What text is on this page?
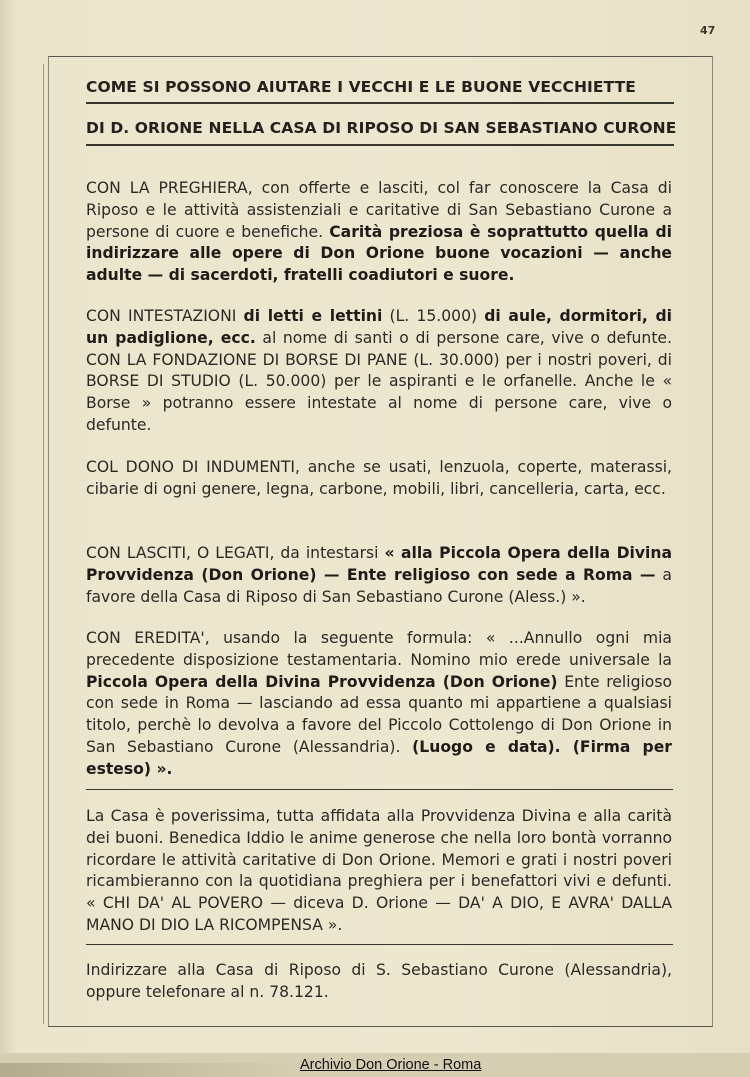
47
COME SI POSSONO AIUTARE I VECCHI E LE BUONE VECCHIETTE
DI D. ORIONE NELLA CASA DI RIPOSO DI SAN SEBASTIANO CURONE
CON LA PREGHIERA, con offerte e lasciti, col far conoscere la Casa di Riposo e le attività assistenziali e caritative di San Sebastiano Curone a persone di cuore e benefiche. Carità preziosa è soprattutto quella di indirizzare alle opere di Don Orione buone vocazioni — anche adulte — di sacerdoti, fratelli coadiutori e suore.
CON INTESTAZIONI di letti e lettini (L. 15.000) di aule, dormitori, di un padiglione, ecc. al nome di santi o di persone care, vive o defunte. CON LA FONDAZIONE DI BORSE DI PANE (L. 30.000) per i nostri poveri, di BORSE DI STUDIO (L. 50.000) per le aspiranti e le orfanelle. Anche le « Borse » potranno essere intestate al nome di persone care, vive o defunte.
COL DONO DI INDUMENTI, anche se usati, lenzuola, coperte, materassi, cibarie di ogni genere, legna, carbone, mobili, libri, cancelleria, carta, ecc.
CON LASCITI, O LEGATI, da intestarsi « alla Piccola Opera della Divina Provvidenza (Don Orione) — Ente religioso con sede a Roma — a favore della Casa di Riposo di San Sebastiano Curone (Aless.) ».
CON EREDITA', usando la seguente formula: « ...Annullo ogni mia precedente disposizione testamentaria. Nomino mio erede universale la Piccola Opera della Divina Provvidenza (Don Orione) Ente religioso con sede in Roma — lasciando ad essa quanto mi appartiene a qualsiasi titolo, perchè lo devolva a favore del Piccolo Cottolengo di Don Orione in San Sebastiano Curone (Alessandria). (Luogo e data). (Firma per esteso) ».
La Casa è poverissima, tutta affidata alla Provvidenza Divina e alla carità dei buoni. Benedica Iddio le anime generose che nella loro bontà vorranno ricordare le attività caritative di Don Orione. Memori e grati i nostri poveri ricambieranno con la quotidiana preghiera per i benefattori vivi e defunti. « CHI DA' AL POVERO — diceva D. Orione — DA' A DIO, E AVRA' DALLA MANO DI DIO LA RICOMPENSA ».
Indirizzare alla Casa di Riposo di S. Sebastiano Curone (Alessandria), oppure telefonare al n. 78.121.
Archivio Don Orione - Roma
